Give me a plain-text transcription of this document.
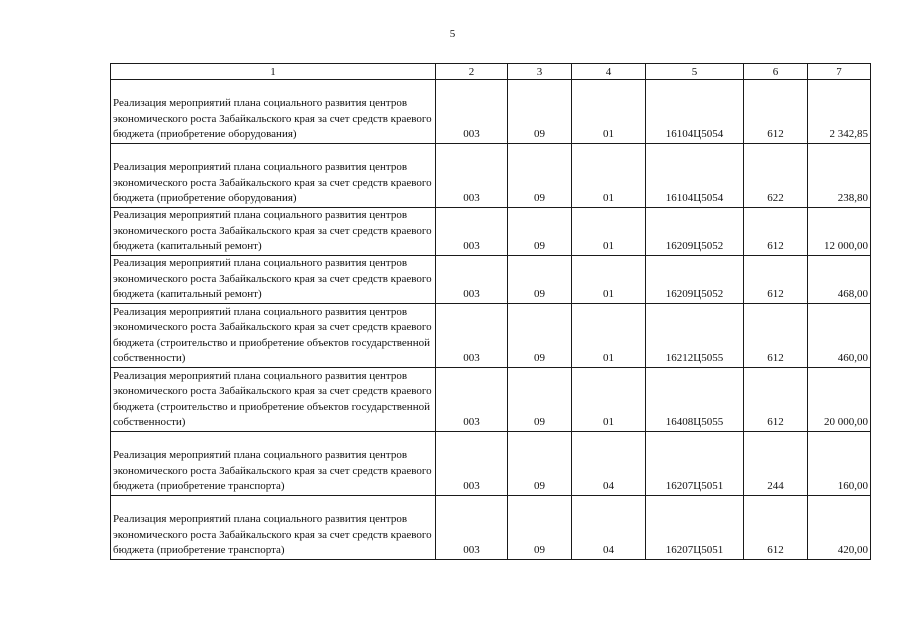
5
1	2	3	4	5	6	7
Реализация мероприятий плана социального развития центров экономического роста Забайкальского края за счет средств краевого бюджета (приобретение оборудования)	003	09	01	16104Ц5054	612	2 342,85
Реализация мероприятий плана социального развития центров экономического роста Забайкальского края за счет средств краевого бюджета (приобретение оборудования)	003	09	01	16104Ц5054	622	238,80
Реализация мероприятий плана социального развития центров экономического роста Забайкальского края за счет средств краевого бюджета (капитальный ремонт)	003	09	01	16209Ц5052	612	12 000,00
Реализация мероприятий плана социального развития центров экономического роста Забайкальского края за счет средств краевого бюджета (капитальный ремонт)	003	09	01	16209Ц5052	612	468,00
Реализация мероприятий плана социального развития центров экономического роста Забайкальского края за счет средств краевого бюджета (строительство и приобретение объектов государственной собственности)	003	09	01	16212Ц5055	612	460,00
Реализация мероприятий плана социального развития центров экономического роста Забайкальского края за счет средств краевого бюджета (строительство и приобретение объектов государственной собственности)	003	09	01	16408Ц5055	612	20 000,00
Реализация мероприятий плана социального развития центров экономического роста Забайкальского края за счет средств краевого бюджета (приобретение транспорта)	003	09	04	16207Ц5051	244	160,00
Реализация мероприятий плана социального развития центров экономического роста Забайкальского края за счет средств краевого бюджета (приобретение транспорта)	003	09	04	16207Ц5051	612	420,00
